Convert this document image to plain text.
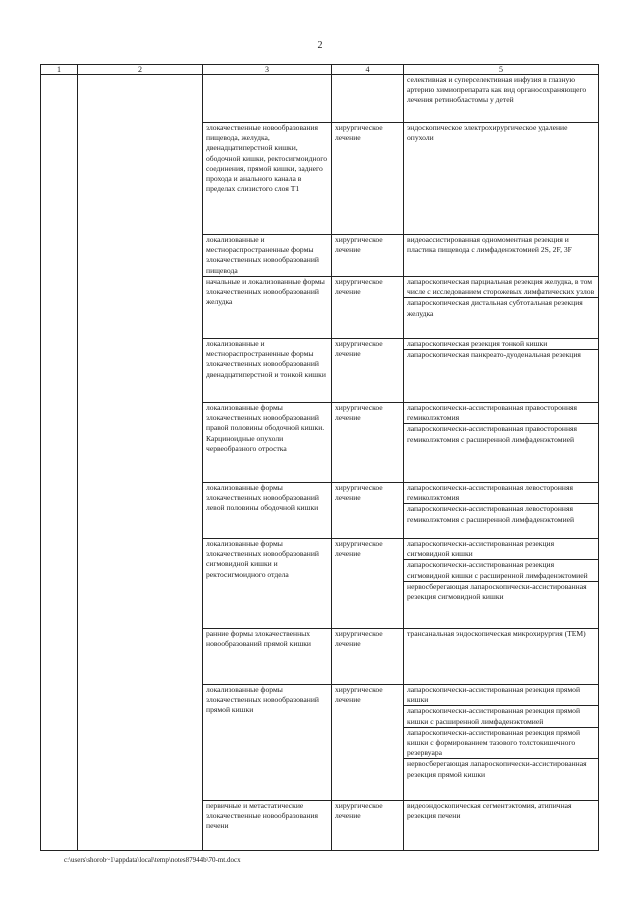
2
1	2	3	4	5

				селективная и суперселективная инфузия в глазную артерию химиопрепарата как вид органосохраняющего лечения ретинобластомы у детей

		злокачественные новообразования пищевода, желудка, двенадцатиперстной кишки, ободочной кишки, ректосигмоидного соединения, прямой кишки, заднего прохода и анального канала в пределах слизистого слоя T1	хирургическое лечение	эндоскопическое электрохирургическое удаление опухоли

		локализованные и местнораспространенные формы злокачественных новообразований пищевода	хирургическое лечение	видеоассистированная одномоментная резекция и пластика пищевода с лимфаденэктомией 2S, 2F, 3F

		начальные и локализованные формы злокачественных новообразований желудка	хирургическое лечение	лапароскопическая парциальная резекция желудка, в том числе с исследованием сторожевых лимфатических узлов
лапароскопическая дистальная субтотальная резекция желудка

		локализованные и местнораспространенные формы злокачественных новообразований двенадцатиперстной и тонкой кишки	хирургическое лечение	лапароскопическая резекция тонкой кишки
лапароскопическая панкреато-дуоденальная резекция

		локализованные формы злокачественных новообразований правой половины ободочной кишки. Карциноидные опухоли червеобразного отростка	хирургическое лечение	лапароскопически-ассистированная правосторонняя гемиколэктомия
лапароскопически-ассистированная правосторонняя гемиколэктомия с расширенной лимфаденэктомией

		локализованные формы злокачественных новообразований левой половины ободочной кишки	хирургическое лечение	лапароскопически-ассистированная левосторонняя гемиколэктомия
лапароскопически-ассистированная левосторонняя гемиколэктомия с расширенной лимфаденэктомией

		локализованные формы злокачественных новообразований сигмовидной кишки и ректосигмоидного отдела	хирургическое лечение	лапароскопически-ассистированная резекция сигмовидной кишки
лапароскопически-ассистированная резекция сигмовидной кишки с расширенной лимфаденэктомией
нервосберегающая лапароскопически-ассистированная резекция сигмовидной кишки

		ранние формы злокачественных новообразований прямой кишки	хирургическое лечение	трансанальная эндоскопическая микрохирургия (TEM)

		локализованные формы злокачественных новообразований прямой кишки	хирургическое лечение	лапароскопически-ассистированная резекция прямой кишки
лапароскопически-ассистированная резекция прямой кишки с расширенной лимфаденэктомией
лапароскопически-ассистированная резекция прямой кишки с формированием тазового толстокишечного резервуара
нервосберегающая лапароскопически-ассистированная резекция прямой кишки

		первичные и метастатические злокачественные новообразования печени	хирургическое лечение	видеоэндоскопическая сегментэктомия, атипичная резекция печени
c:\users\shorob~1\appdata\local\temp\notes87944b\70-mt.docx
